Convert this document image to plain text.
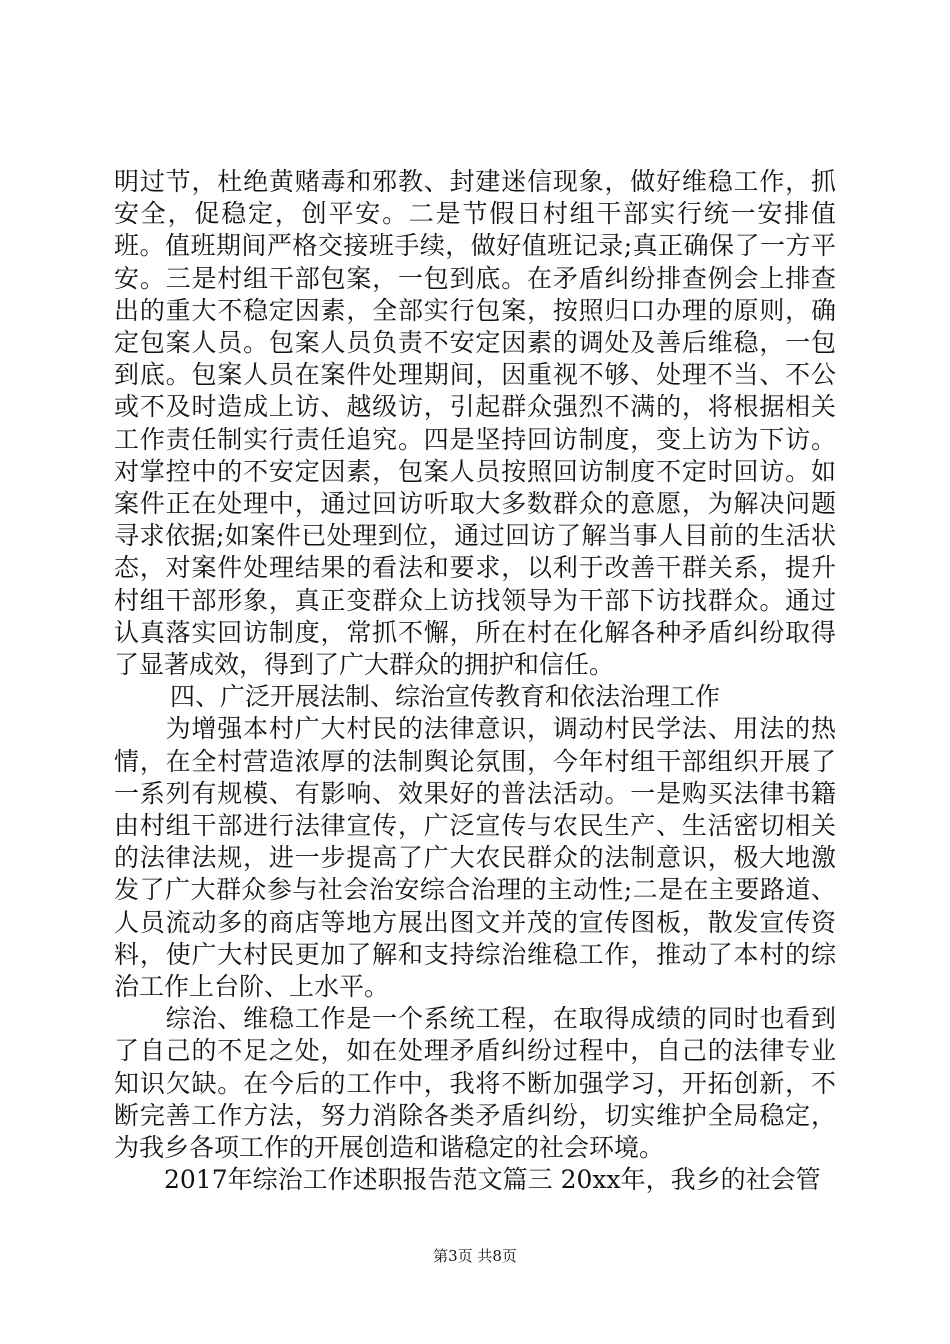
明过节，杜绝黄赌毒和邪教、封建迷信现象，做好维稳工作，抓安全，促稳定，创平安。二是节假日村组干部实行统一安排值班。值班期间严格交接班手续，做好值班记录;真正确保了一方平安。三是村组干部包案，一包到底。在矛盾纠纷排查例会上排查出的重大不稳定因素，全部实行包案，按照归口办理的原则，确定包案人员。包案人员负责不安定因素的调处及善后维稳，一包到底。包案人员在案件处理期间，因重视不够、处理不当、不公或不及时造成上访、越级访，引起群众强烈不满的，将根据相关工作责任制实行责任追究。四是坚持回访制度，变上访为下访。对掌控中的不安定因素，包案人员按照回访制度不定时回访。如案件正在处理中，通过回访听取大多数群众的意愿，为解决问题寻求依据;如案件已处理到位，通过回访了解当事人目前的生活状态，对案件处理结果的看法和要求，以利于改善干群关系，提升村组干部形象，真正变群众上访找领导为干部下访找群众。通过认真落实回访制度，常抓不懈，所在村在化解各种矛盾纠纷取得了显著成效，得到了广大群众的拥护和信任。

四、广泛开展法制、综治宣传教育和依法治理工作

　　为增强本村广大村民的法律意识，调动村民学法、用法的热情，在全村营造浓厚的法制舆论氛围，今年村组干部组织开展了一系列有规模、有影响、效果好的普法活动。一是购买法律书籍由村组干部进行法律宣传，广泛宣传与农民生产、生活密切相关的法律法规，进一步提高了广大农民群众的法制意识，极大地激发了广大群众参与社会治安综合治理的主动性;二是在主要路道、人员流动多的商店等地方展出图文并茂的宣传图板，散发宣传资料，使广大村民更加了解和支持综治维稳工作，推动了本村的综治工作上台阶、上水平。

　　综治、维稳工作是一个系统工程，在取得成绩的同时也看到了自己的不足之处，如在处理矛盾纠纷过程中，自己的法律专业知识欠缺。在今后的工作中，我将不断加强学习，开拓创新，不断完善工作方法，努力消除各类矛盾纠纷，切实维护全局稳定，为我乡各项工作的开展创造和谐稳定的社会环境。

　　2017年综治工作述职报告范文篇三 20xx年，我乡的社会管

第3页 共8页
